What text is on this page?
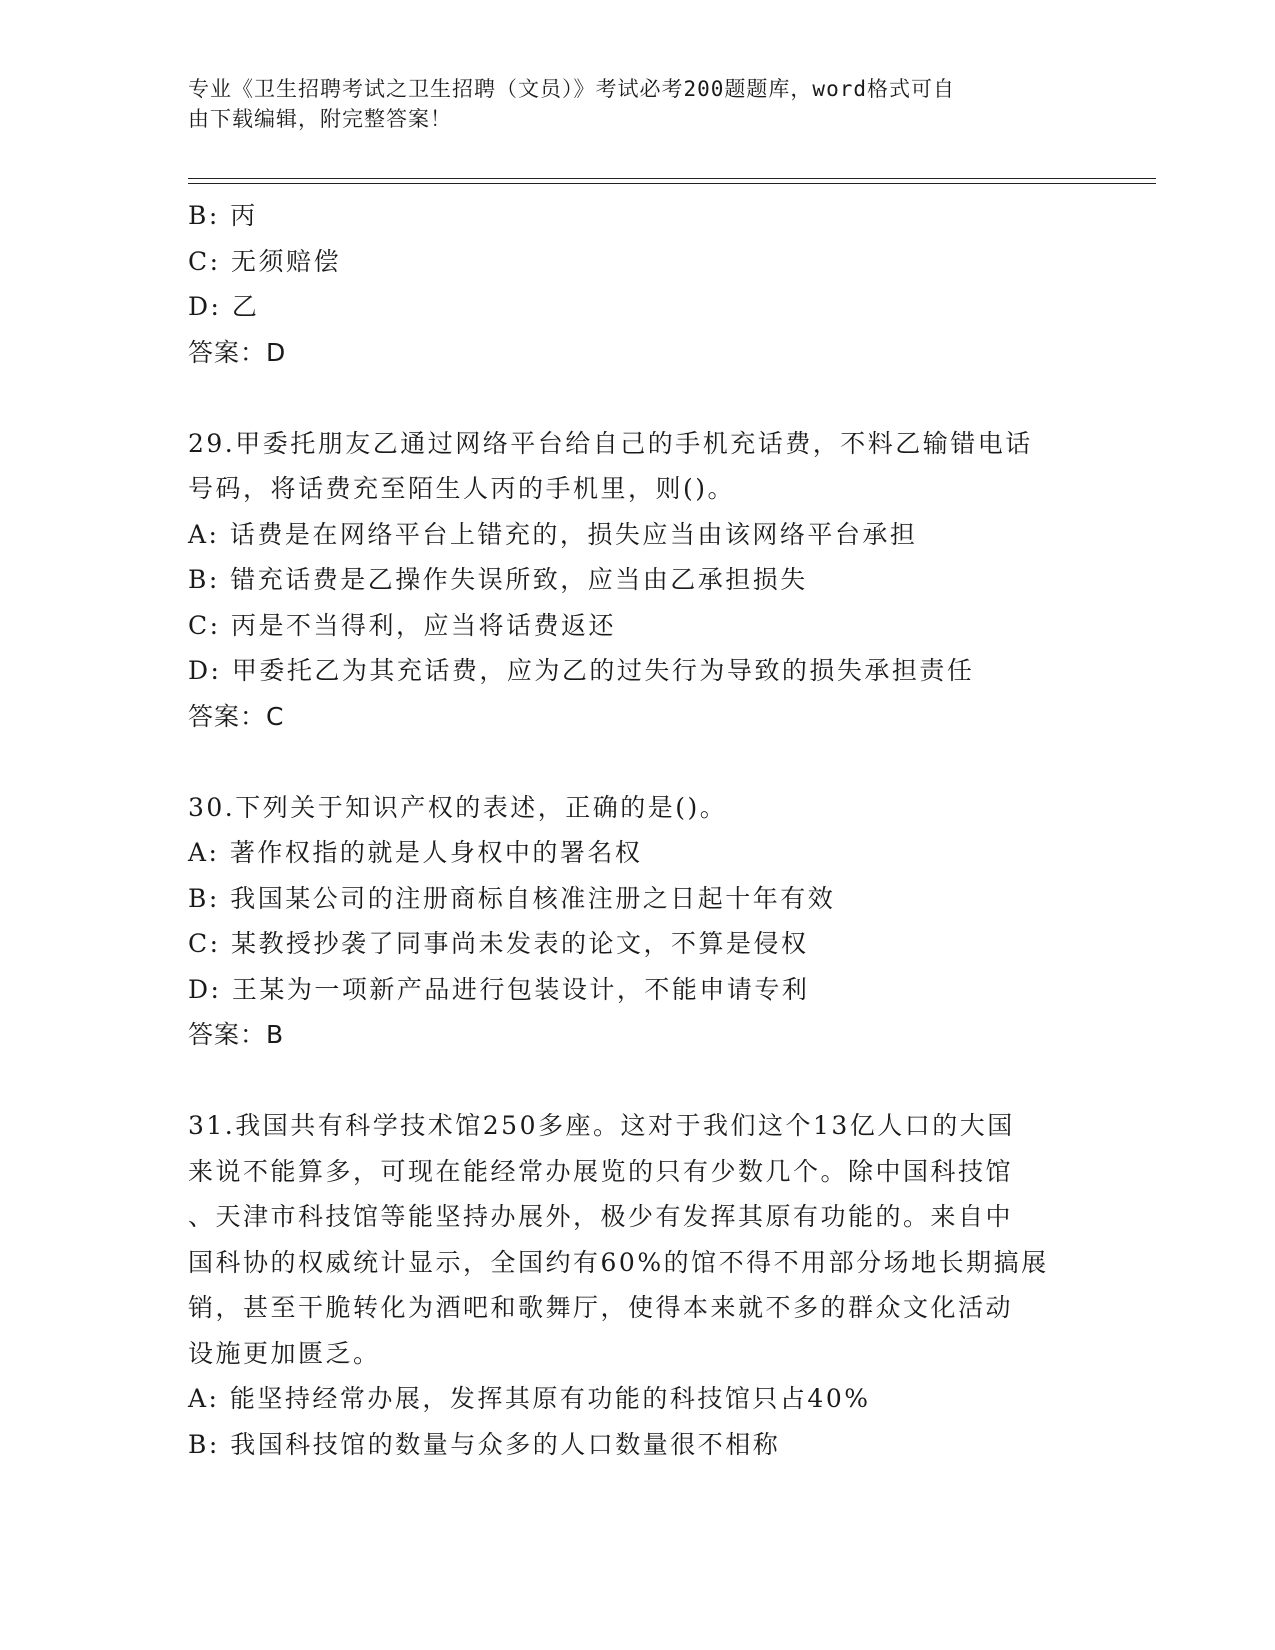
专业《卫生招聘考试之卫生招聘（文员）》考试必考200题题库，word格式可自
由下载编辑，附完整答案！
B: 丙
C: 无须赔偿
D: 乙
答案：D
29.甲委托朋友乙通过网络平台给自己的手机充话费，不料乙输错电话
号码，将话费充至陌生人丙的手机里，则()。
A: 话费是在网络平台上错充的，损失应当由该网络平台承担
B: 错充话费是乙操作失误所致，应当由乙承担损失
C: 丙是不当得利，应当将话费返还
D: 甲委托乙为其充话费，应为乙的过失行为导致的损失承担责任
答案：C
30.下列关于知识产权的表述，正确的是()。
A: 著作权指的就是人身权中的署名权
B: 我国某公司的注册商标自核准注册之日起十年有效
C: 某教授抄袭了同事尚未发表的论文，不算是侵权
D: 王某为一项新产品进行包装设计，不能申请专利
答案：B
31.我国共有科学技术馆250多座。这对于我们这个13亿人口的大国
来说不能算多，可现在能经常办展览的只有少数几个。除中国科技馆
、天津市科技馆等能坚持办展外，极少有发挥其原有功能的。来自中
国科协的权威统计显示，全国约有60%的馆不得不用部分场地长期搞展
销，甚至干脆转化为酒吧和歌舞厅，使得本来就不多的群众文化活动
设施更加匮乏。
A: 能坚持经常办展，发挥其原有功能的科技馆只占40%
B: 我国科技馆的数量与众多的人口数量很不相称
